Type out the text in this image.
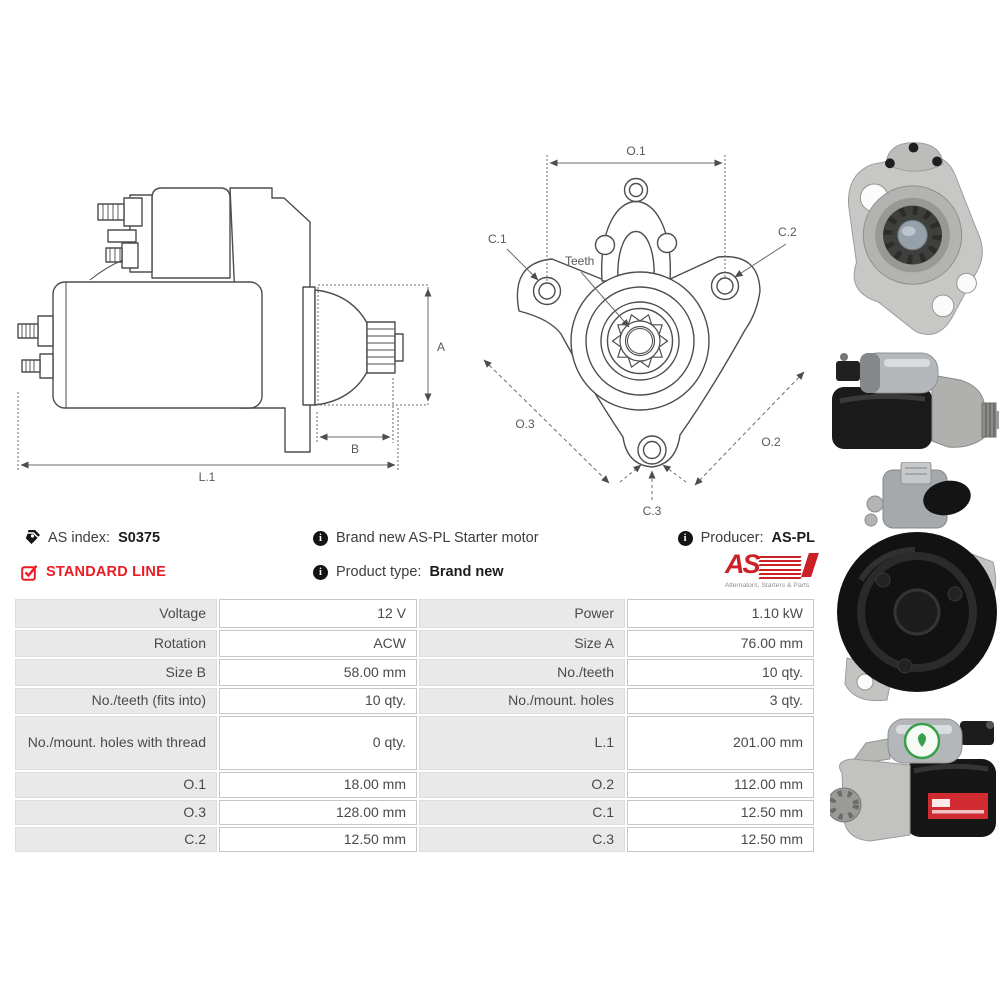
A
B
L.1
O.1
C.1	C.2
Teeth
O.3
O.2
C.3
AS index: S0375
STANDARD LINE
i
Brand new AS-PL Starter motor
i
Product type: Brand new
i
Producer: AS-PL
AS
Alternators, Starters & Parts
Voltage	12 V	Power	1.10 kW
Rotation	ACW	Size A	76.00 mm
Size B	58.00 mm	No./teeth	10 qty.
No./teeth (fits into)	10 qty.	No./mount. holes	3 qty.
No./mount. holes with thread	0 qty.	L.1	201.00 mm
O.1	18.00 mm	O.2	112.00 mm
O.3	128.00 mm	C.1	12.50 mm
C.2	12.50 mm	C.3	12.50 mm
